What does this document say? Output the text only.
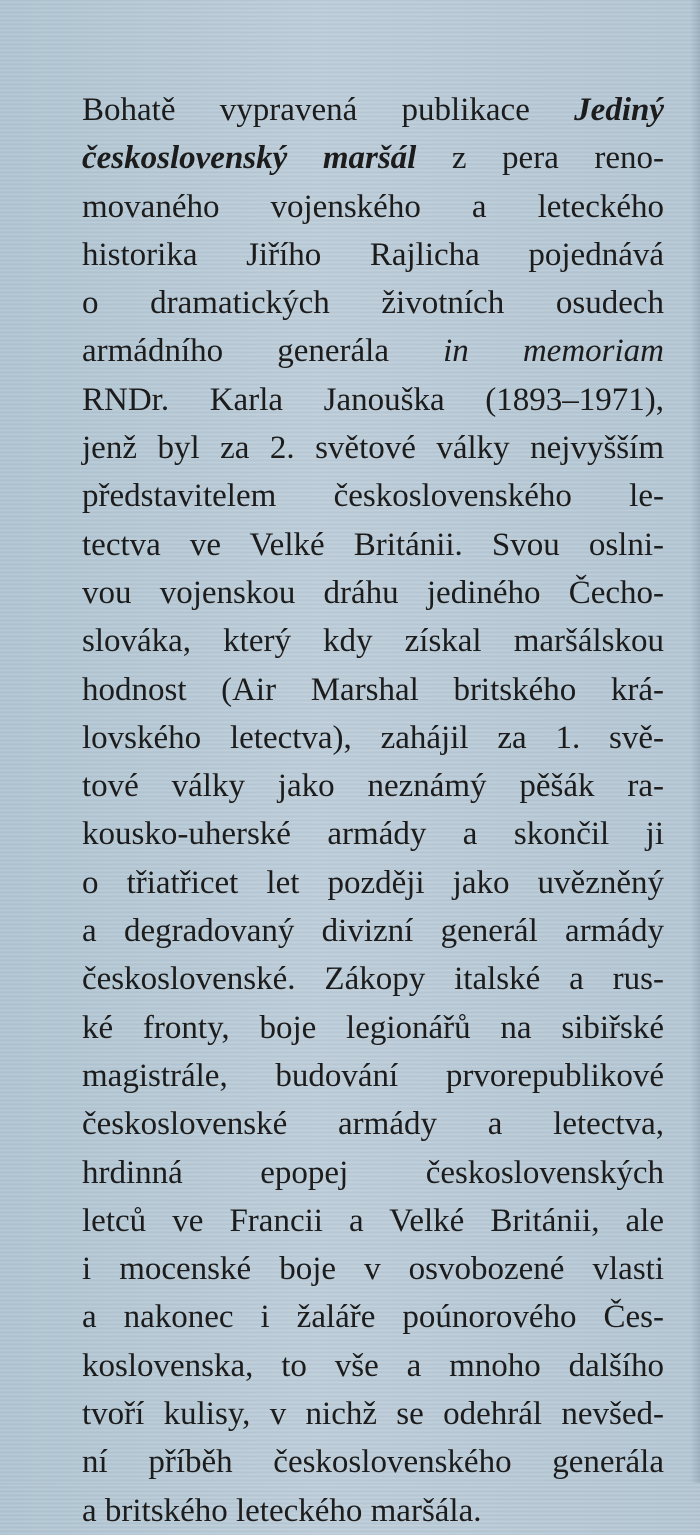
Bohatě vypravená publikace Jediný
československý maršál z pera reno-
movaného vojenského a leteckého
historika Jiřího Rajlicha pojednává
o dramatických životních osudech
armádního generála in memoriam
RNDr. Karla Janouška (1893–1971),
jenž byl za 2. světové války nejvyšším
představitelem československého le-
tectva ve Velké Británii. Svou oslni-
vou vojenskou dráhu jediného Čecho-
slováka, který kdy získal maršálskou
hodnost (Air Marshal britského krá-
lovského letectva), zahájil za 1. svě-
tové války jako neznámý pěšák ra-
kousko-uherské armády a skončil ji
o třiatřicet let později jako uvězněný
a degradovaný divizní generál armády
československé. Zákopy italské a rus-
ké fronty, boje legionářů na sibiřské
magistrále, budování prvorepublikové
československé armády a letectva,
hrdinná epopej československých
letců ve Francii a Velké Británii, ale
i mocenské boje v osvobozené vlasti
a nakonec i žaláře poúnorového Čes-
koslovenska, to vše a mnoho dalšího
tvoří kulisy, v nichž se odehrál nevšed-
ní příběh československého generála
a britského leteckého maršála.
